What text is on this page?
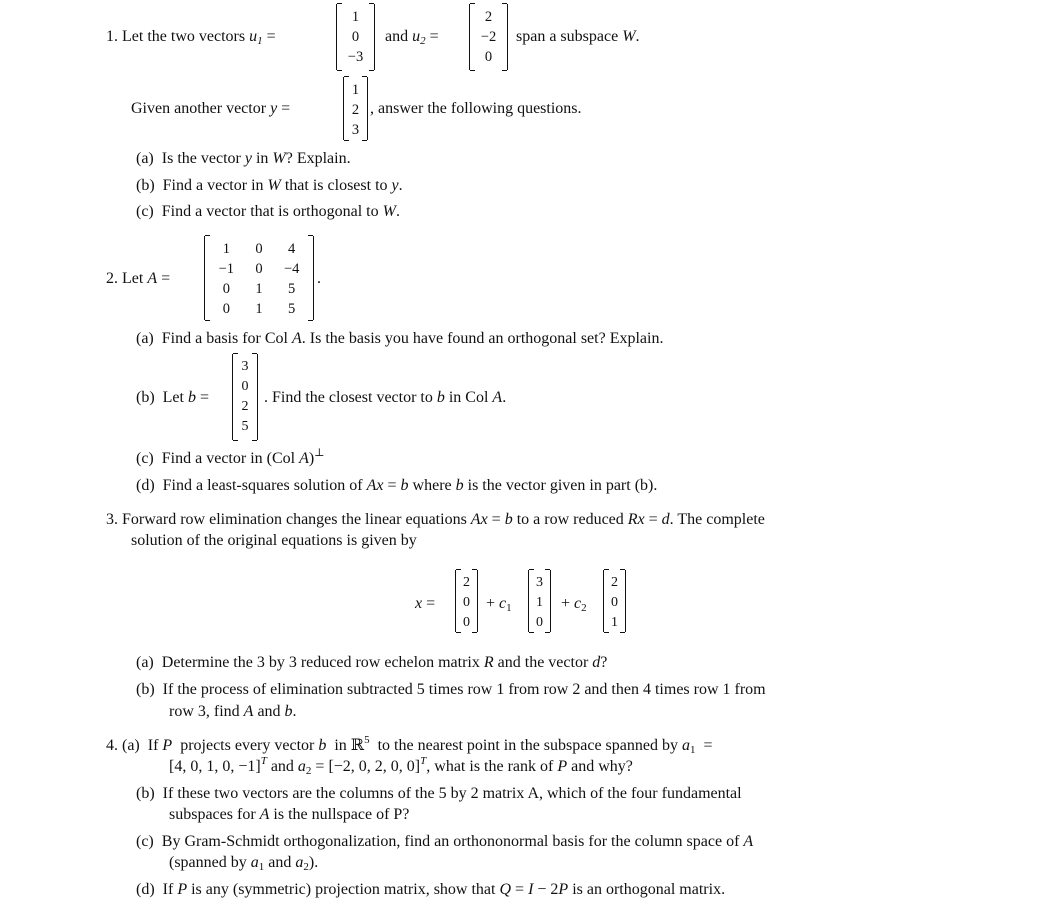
1. Let the two vectors $u_1$ =
1
0
−3
and $u_2$ =
2
−2
0
span a subspace W.
Given another vector y =
1
2
3
, answer the following questions.
(a) Is the vector y in W? Explain.
(b) Find a vector in W that is closest to y.
(c) Find a vector that is orthogonal to W.
2. Let A =
1	0	4
−1	0	−4
0	1	5
0	1	5
.
(a) Find a basis for Col A. Is the basis you have found an orthogonal set? Explain.
(b) Let b =
3
0
2
5
. Find the closest vector to b in Col A.
(c) Find a vector in (Col A)⊥
(d) Find a least-squares solution of Ax = b where b is the vector given in part (b).
3. Forward row elimination changes the linear equations Ax = b to a row reduced Rx = d. The complete
solution of the original equations is given by
x =
2
0
0
+ $c_1$
3
1
0
+ $c_2$
2
0
1
(a) Determine the 3 by 3 reduced row echelon matrix R and the vector d?
(b) If the process of elimination subtracted 5 times row 1 from row 2 and then 4 times row 1 from
row 3, find A and b.
4. (a) If P projects every vector b in ℝ$^5$ to the nearest point in the subspace spanned by $a_1$  =
[4, 0, 1, 0, −1]$^T$ and $a_2 = [-2$, 0, 2, 0, 0]$^T$, what is the rank of P and why?
(b) If these two vectors are the columns of the 5 by 2 matrix A, which of the four fundamental
subspaces for A is the nullspace of P?
(c) By Gram-Schmidt orthogonalization, find an orthononormal basis for the column space of A
(spanned by $a_1$ and $a_2$).
(d) If P is any (symmetric) projection matrix, show that Q = I − 2P is an orthogonal matrix.
